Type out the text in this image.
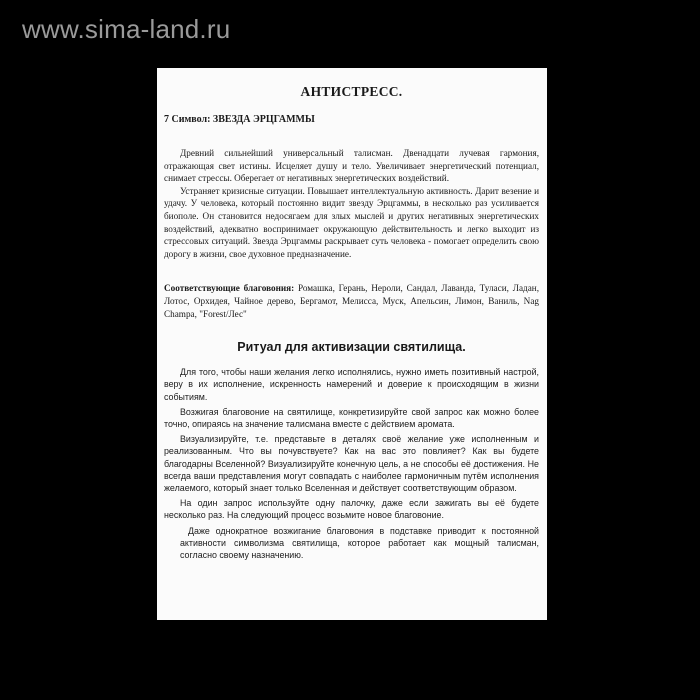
www.sima-land.ru
АНТИСТРЕСС.
7 Символ: ЗВЕЗДА ЭРЦГАММЫ

Древний сильнейший универсальный талисман. Двенадцати лучевая гармония, отражающая свет истины. Исцеляет душу и тело. Увеличивает энергетический потенциал, снимает стрессы. Оберегает от негативных энергетических воздействий.

Устраняет кризисные ситуации. Повышает интеллектуальную активность. Дарит везение и удачу. У человека, который постоянно видит звезду Эрцгаммы, в несколько раз усиливается биополе. Он становится недосягаем для злых мыслей и других негативных энергетических воздействий, адекватно воспринимает окружающую действительность и легко выходит из стрессовых ситуаций. Звезда Эрцгаммы раскрывает суть человека - помогает определить свою дорогу в жизни, свое духовное предназначение.

Соответствующие благовония: Ромашка, Герань, Нероли, Сандал, Лаванда, Туласи, Ладан, Лотос, Орхидея, Чайное дерево, Бергамот, Мелисса, Муск, Апельсин, Лимон, Ваниль, Nag Champa, "Forest/Лес"

Ритуал для активизации святилища.

Для того, чтобы наши желания легко исполнялись, нужно иметь позитивный настрой, веру в их исполнение, искренность намерений и доверие к происходящим в жизни событиям.

Возжигая благовоние на святилище, конкретизируйте свой запрос как можно более точно, опираясь на значение талисмана вместе с действием аромата.

Визуализируйте, т.е. представьте в деталях своё желание уже исполненным и реализованным. Что вы почувствуете? Как на вас это повлияет? Как вы будете благодарны Вселенной? Визуализируйте конечную цель, а не способы её достижения. Не всегда ваши представления могут совпадать с наиболее гармоничным путём исполнения желаемого, который знает только Вселенная и действует соответствующим образом.

На один запрос используйте одну палочку, даже если зажигать вы её будете несколько раз. На следующий процесс возьмите новое благовоние.

Даже однократное возжигание благовония в подставке приводит к постоянной активности символизма святилища, которое работает как мощный талисман, согласно своему назначению.
